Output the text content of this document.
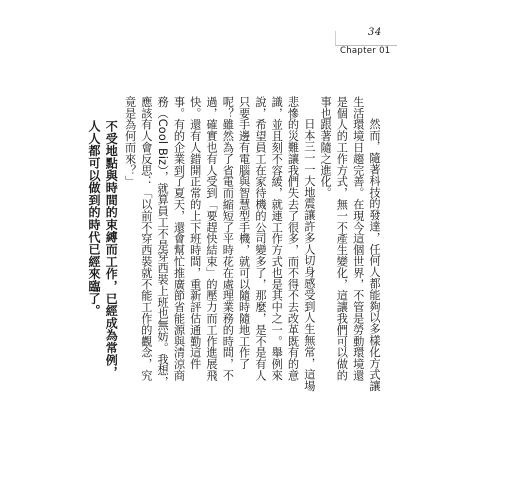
34
Chapter 01

然而，隨著科技的發達，任何人都能夠以多樣化方式讓生活環境日趨完善。在現今這個世界，不管是勞動環境還是個人的工作方式，無一不產生變化，這讓我們可以做的事也跟著隨之進化。

日本三一一大地震讓許多人切身感受到人生無常，這場悲慘的災難讓我們失去了很多，而不得不去改革既有的意識，並且刻不容緩，就連工作方式也是其中之一。舉例來說，希望員工在家待機的公司變多了，那麼，是不是有人只要手邊有電腦與智慧型手機，就可以隨時隨地工作了呢？雖然為了省電而縮短了平時花在處理業務的時間，不過，確實也有人受到「要趕快結束」的壓力而工作進展飛快。還有人錯開正常的上下班時間，重新評估通勤這件事。有的企業到了夏天，還會幫忙推廣節省能源與清涼商務（Cool Biz），就算員工不是穿西裝上班也無妨。我想，應該有人會反思：「以前不穿西裝就不能工作的觀念，究竟是為何而來？」

不受地點與時間的束縛而工作，已經成為常例，

人人都可以做到的時代已經來臨了。
